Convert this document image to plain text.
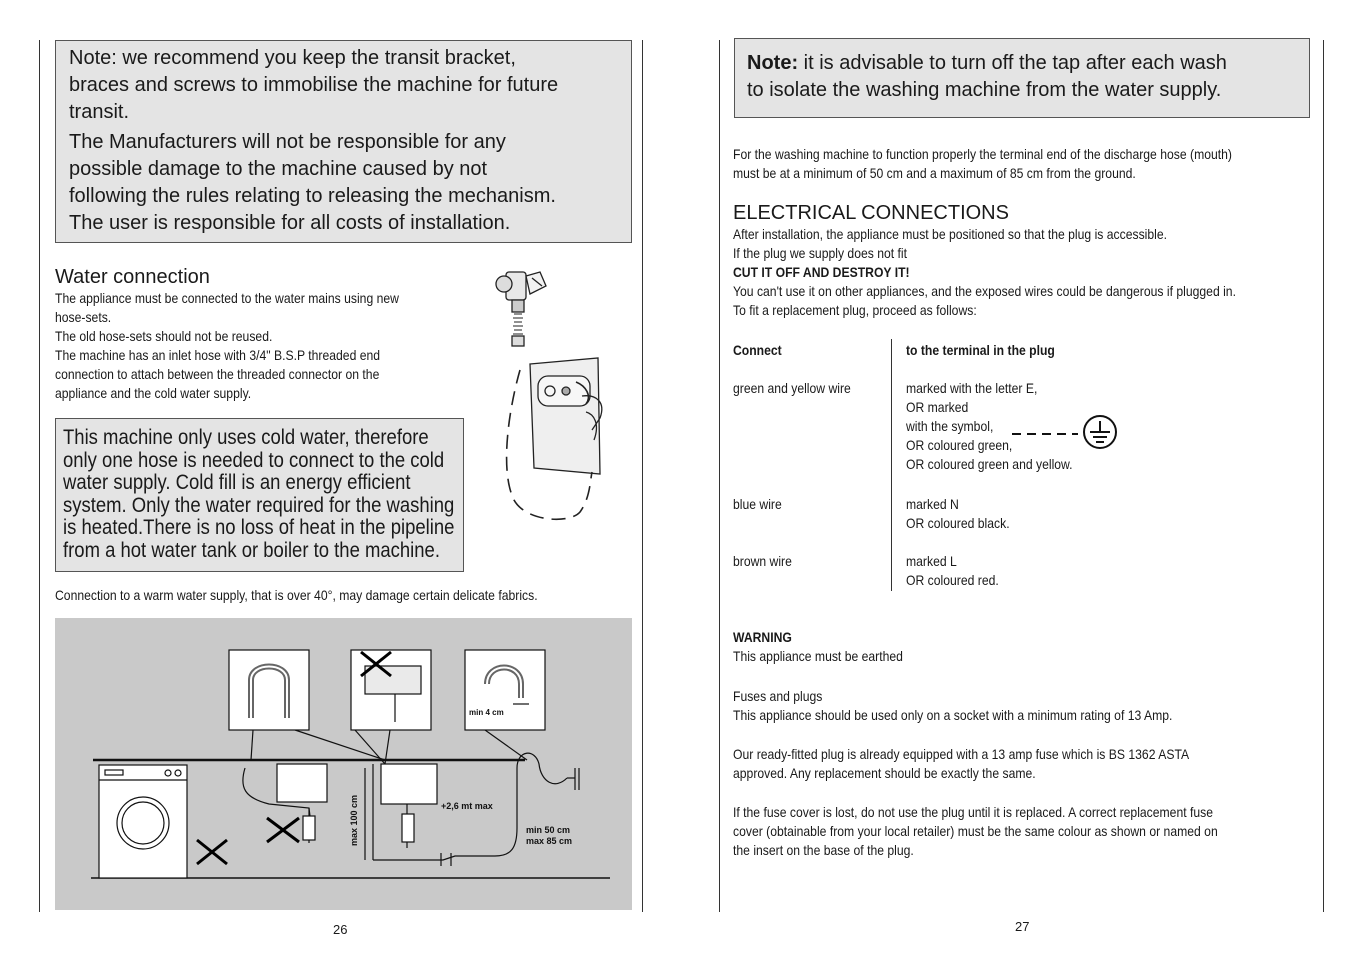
Note: we recommend you keep the transit bracket,
braces and screws to immobilise the machine for future
transit.
The Manufacturers will not be responsible for any
possible damage to the machine caused by not
following the rules relating to releasing the mechanism.
The user is responsible for all costs of installation.
Water connection
The appliance must be connected to the water mains using new
hose-sets.
The old hose-sets should not be reused.
The machine has an inlet hose with 3/4" B.S.P threaded end
connection to attach between the threaded connector on the
appliance and the cold water supply.
This machine only uses cold water, therefore
only one hose is needed to connect to the cold
water supply. Cold fill is an energy efficient
system. Only the water required for the washing
is heated.There is no loss of heat in the pipeline
from a hot water tank or boiler to the machine.
Connection to a warm water supply, that is over 40°, may damage certain delicate fabrics.
min 4 cm
max 100 cm	+2,6 mt max
min 50 cm
max 85 cm
26
Note: it is advisable to turn off the tap after each wash
to isolate the washing machine from the water supply.
For the washing machine to function properly the terminal end of the discharge hose (mouth)
must be at a minimum of 50 cm and a maximum of 85 cm from the ground.
ELECTRICAL CONNECTIONS
After installation, the appliance must be positioned so that the plug is accessible.
If the plug we supply does not fit
CUT IT OFF AND DESTROY IT!
You can't use it on other appliances, and the exposed wires could be dangerous if plugged in.
To fit a replacement plug, proceed as follows:
Connect	to the terminal in the plug
green and yellow wire	marked with the letter E,
OR marked
with the symbol,
OR coloured green,
OR coloured green and yellow.
blue wire	marked N
OR coloured black.
brown wire	marked L
OR coloured red.
WARNING
This appliance must be earthed
Fuses and plugs
This appliance should be used only on a socket with a minimum rating of 13 Amp.
Our ready-fitted plug is already equipped with a 13 amp fuse which is BS 1362 ASTA
approved. Any replacement should be exactly the same.
If the fuse cover is lost, do not use the plug until it is replaced. A correct replacement fuse
cover (obtainable from your local retailer) must be the same colour as shown or named on
the insert on the base of the plug.
27
